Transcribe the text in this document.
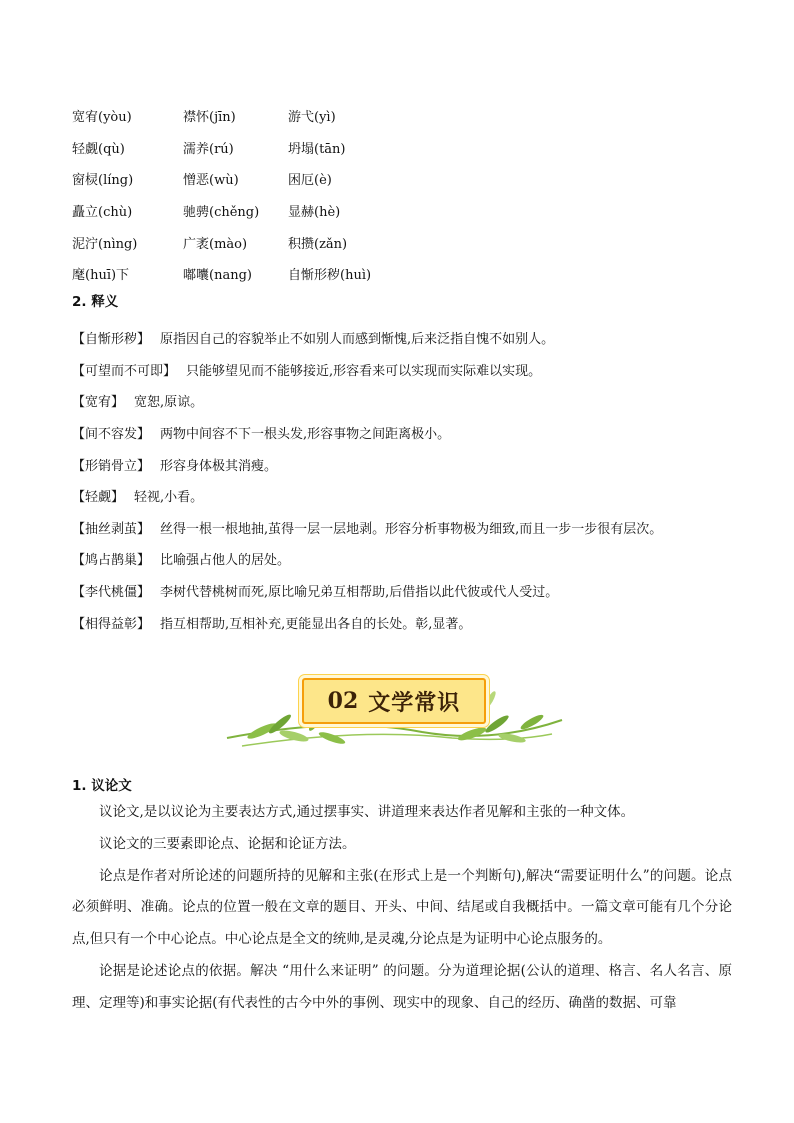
宽宥(yòu)	襟怀(jīn)	游弋(yì)
轻觑(qù)	濡养(rú)	坍塌(tān)
窗棂(líng)	憎恶(wù)	困厄(è)
矗立(chù)	驰骋(chěng)	显赫(hè)
泥泞(nìng)	广袤(mào)	积攒(zǎn)
麾(huī)下	嘟囔(nang)	自惭形秽(huì)
2. 释义
【自惭形秽】 原指因自己的容貌举止不如别人而感到惭愧,后来泛指自愧不如别人。
【可望而不可即】 只能够望见而不能够接近,形容看来可以实现而实际难以实现。
【宽宥】 宽恕,原谅。
【间不容发】 两物中间容不下一根头发,形容事物之间距离极小。
【形销骨立】 形容身体极其消瘦。
【轻觑】 轻视,小看。
【抽丝剥茧】 丝得一根一根地抽,茧得一层一层地剥。形容分析事物极为细致,而且一步一步很有层次。
【鸠占鹊巢】 比喻强占他人的居处。
【李代桃僵】 李树代替桃树而死,原比喻兄弟互相帮助,后借指以此代彼或代人受过。
【相得益彰】 指互相帮助,互相补充,更能显出各自的长处。彰,显著。
02 文学常识
1. 议论文

议论文,是以议论为主要表达方式,通过摆事实、讲道理来表达作者见解和主张的一种文体。

议论文的三要素即论点、论据和论证方法。

论点是作者对所论述的问题所持的见解和主张(在形式上是一个判断句),解决“需要证明什么”的问题。论点必须鲜明、准确。论点的位置一般在文章的题目、开头、中间、结尾或自我概括中。一篇文章可能有几个分论点,但只有一个中心论点。中心论点是全文的统帅,是灵魂,分论点是为证明中心论点服务的。

论据是论述论点的依据。解决 “用什么来证明” 的问题。分为道理论据(公认的道理、格言、名人名言、原理、定理等)和事实论据(有代表性的古今中外的事例、现实中的现象、自己的经历、确凿的数据、可靠
